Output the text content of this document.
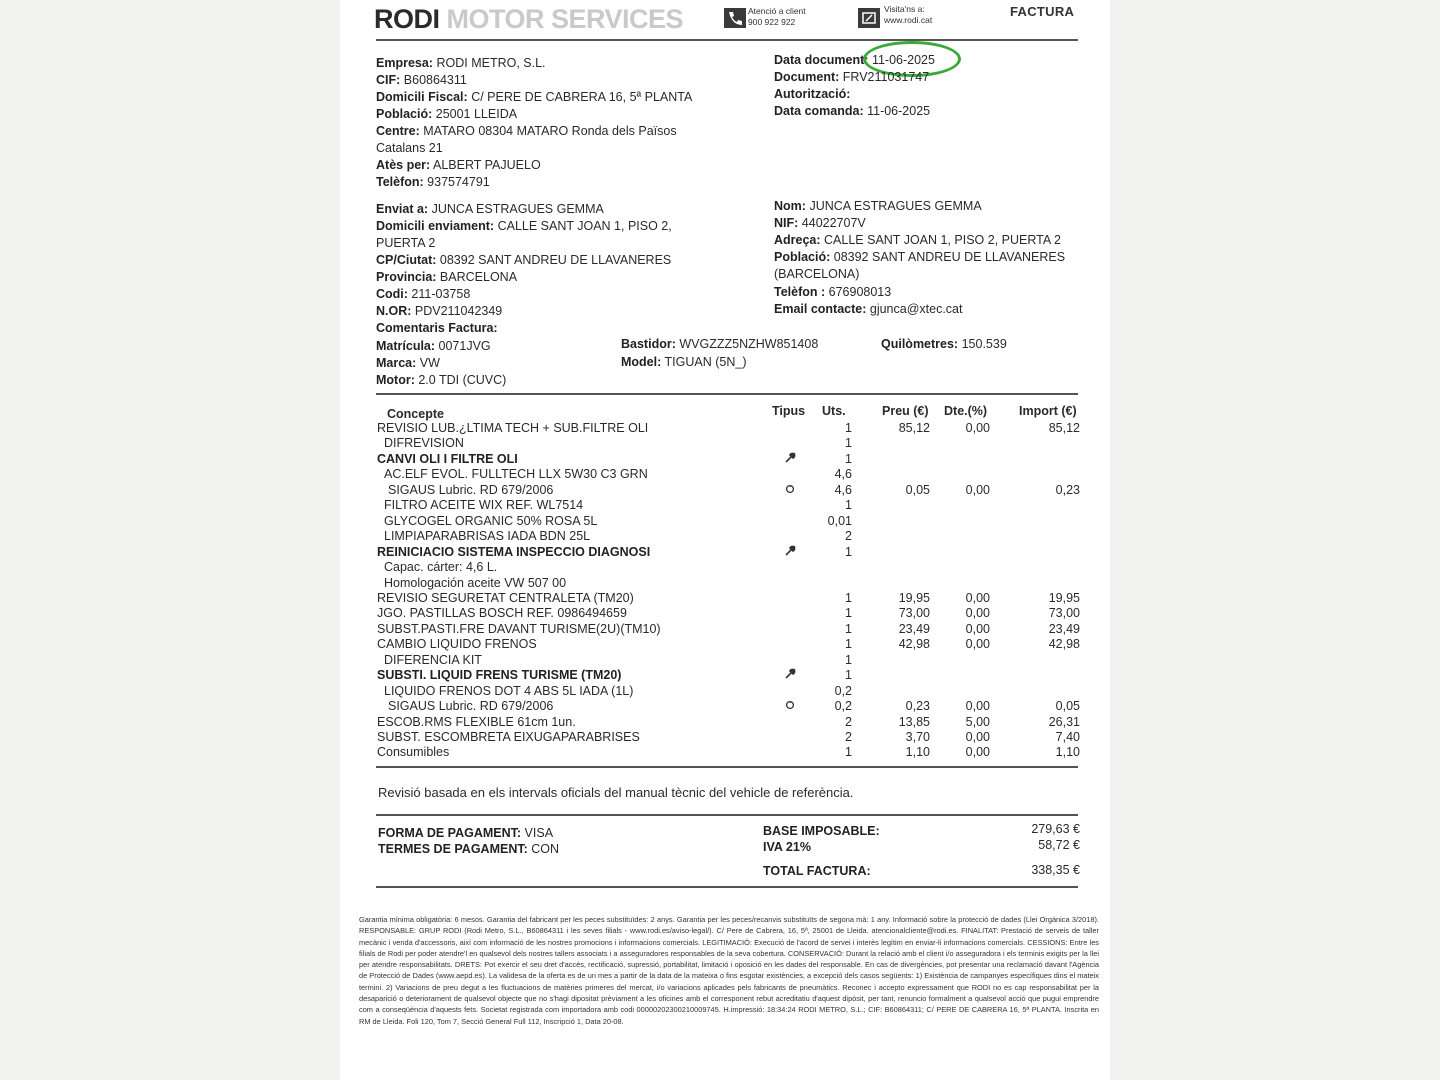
RODI MOTOR SERVICES	Atenció a client
900 922 922
Visita'ns a:
www.rodi.cat
FACTURA
Empresa: RODI METRO, S.L.
CIF: B60864311
Domicili Fiscal: C/ PERE DE CABRERA 16, 5ª PLANTA
Població: 25001 LLEIDA
Centre: MATARO 08304 MATARO Ronda dels Països
Catalans 21
Atès per: ALBERT PAJUELO
Telèfon: 937574791
Data document: 11-06-2025
Document: FRV211031747
Autorització:
Data comanda: 11-06-2025
Enviat a: JUNCA ESTRAGUES GEMMA
Domicili enviament: CALLE SANT JOAN 1, PISO 2,
PUERTA 2
CP/Ciutat: 08392 SANT ANDREU DE LLAVANERES
Provincia: BARCELONA
Codi: 211-03758
N.OR: PDV211042349
Comentaris Factura:
Nom: JUNCA ESTRAGUES GEMMA
NIF: 44022707V
Adreça: CALLE SANT JOAN 1, PISO 2, PUERTA 2
Població: 08392 SANT ANDREU DE LLAVANERES
(BARCELONA)
Telèfon : 676908013
Email contacte: gjunca@xtec.cat
Matrícula: 0071JVG
Marca: VW
Motor: 2.0 TDI (CUVC)
Bastidor: WVGZZZ5NZHW851408
Model: TIGUAN (5N_)
Quilòmetres: 150.539
Concepte	Tipus Uts.	Preu (€) Dte.(%)	Import (€)
REVISIO LUB.¿LTIMA TECH + SUB.FILTRE OLI	1	85,12	0,00	85,12
DIFREVISION	1
CANVI OLI I FILTRE OLI	1
AC.ELF EVOL. FULLTECH LLX 5W30 C3 GRN	4,6
SIGAUS Lubric. RD 679/2006	4,6	0,05	0,00	0,23
FILTRO ACEITE WIX REF. WL7514	1
GLYCOGEL ORGANIC 50% ROSA 5L	0,01
LIMPIAPARABRISAS IADA BDN 25L	2
REINICIACIO SISTEMA INSPECCIO DIAGNOSI	1
Capac. cárter: 4,6 L.
Homologación aceite VW 507 00
REVISIO SEGURETAT CENTRALETA (TM20)	1	19,95	0,00	19,95
JGO. PASTILLAS BOSCH REF. 0986494659	1	73,00	0,00	73,00
SUBST.PASTI.FRE DAVANT TURISME(2U)(TM10)	1	23,49	0,00	23,49
CAMBIO LIQUIDO FRENOS	1	42,98	0,00	42,98
DIFERENCIA KIT	1
SUBSTI. LIQUID FRENS TURISME (TM20)	1
LIQUIDO FRENOS DOT 4 ABS 5L IADA (1L)	0,2
SIGAUS Lubric. RD 679/2006	0,2	0,23	0,00	0,05
ESCOB.RMS FLEXIBLE 61cm 1un.	2	13,85	5,00	26,31
SUBST. ESCOMBRETA EIXUGAPARABRISES	2	3,70	0,00	7,40
Consumibles	1	1,10	0,00	1,10
Revisió basada en els intervals oficials del manual tècnic del vehicle de referència.
FORMA DE PAGAMENT: VISA
TERMES DE PAGAMENT: CON
BASE IMPOSABLE:	279,63 €
IVA 21%	58,72 €
TOTAL FACTURA:	338,35 €
Garantia mínima obligatòria: 6 mesos. Garantia del fabricant per les peces substituïdes: 2 anys. Garantia per les peces/recanvis substituïts de segona mà: 1 any. Informació sobre la protecció de dades (Llei Orgànica 3/2018). RESPONSABLE: GRUP RODI (Rodi Metro, S.L., B60864311 i les seves filials - www.rodi.es/aviso-legal/). C/ Pere de Cabrera, 16, 5ª, 25001 de Lleida. atencionalcliente@rodi.es. FINALITAT: Prestació de serveis de taller mecànic i venda d'accessoris, així com informació de les nostres promocions i informacions comercials. LEGITIMACIÓ: Execució de l'acord de servei i interès legítim en enviar-li informacions comercials. CESSIONS: Entre les filials de Rodi per poder atendre'l en qualsevol dels nostres tallers associats i a asseguradores responsables de la seva cobertura. CONSERVACIÓ: Durant la relació amb el client i/o asseguradora i els terminis exigits per la llei per atendre responsabilitats. DRETS: Pot exercir el seu dret d'accés, rectificació, supressió, portabilitat, limitació i oposició en les dades del responsable. En cas de divergències, pot presentar una reclamació davant l'Agència de Protecció de Dades (www.aepd.es). La validesa de la oferta es de un mes a partir de la data de la mateixa o fins esgotar existències, a excepció dels casos següents: 1) Existència de campanyes específiques dins el mateix termini. 2) Variacions de preu degut a les fluctuacions de matèries primeres del mercat, i/o variacions aplicades pels fabricants de pneumàtics. Reconec i accepto expressament que RODI no es cap responsabilitat per la desaparició o deteriorament de qualsevol objecte que no s'hagi dipositat prèviament a les oficines amb el corresponent rebut acreditatiu d'aquest dipòsit, per tant, renuncio formalment a qualsevol acció que pugui emprendre com a conseqüència d'aquests fets. Societat registrada com importadora amb codi 00000202300210009745. H.impressió: 18:34:24 RODI METRO, S.L.; CIF: B60864311; C/ PERE DE CABRERA 16, 5ª PLANTA. Inscrita en RM de Lleida. Foli 120, Tom 7, Secció General Full 112, Inscripció 1, Data 20-08.
